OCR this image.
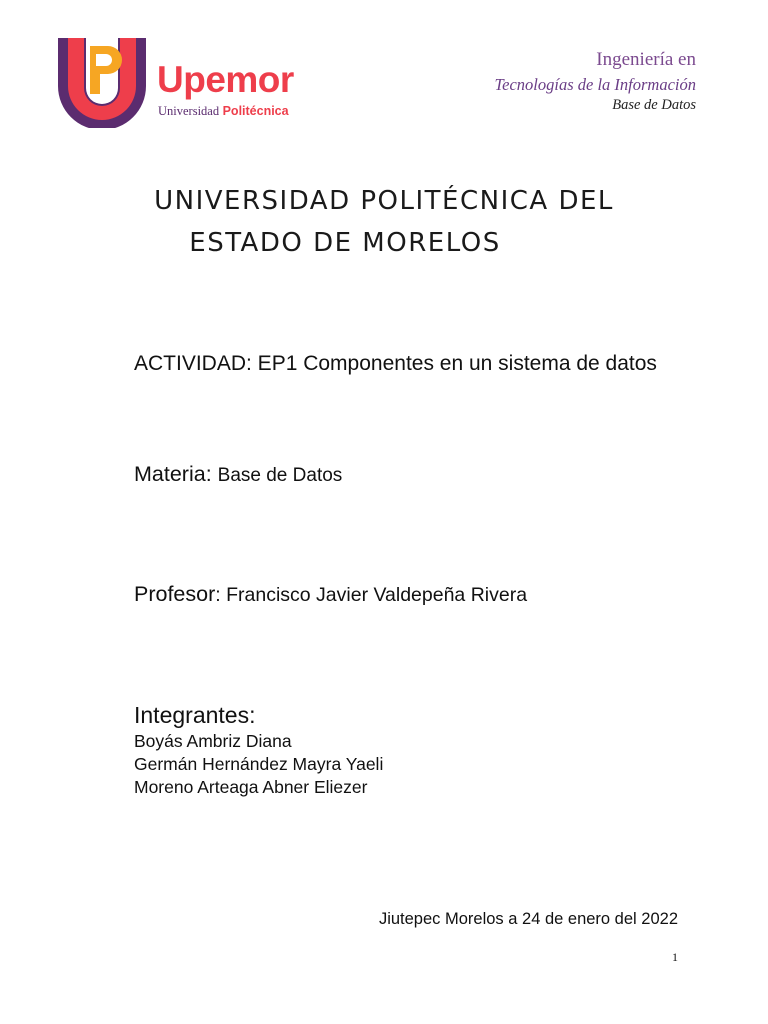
Upemor
Universidad Politécnica
Ingeniería en
Tecnologías de la Información
Base de Datos
UNIVERSIDAD POLITÉCNICA DEL
ESTADO DE MORELOS
ACTIVIDAD: EP1 Componentes en un sistema de datos
Materia: Base de Datos
Profesor: Francisco Javier Valdepeña Rivera
Integrantes:
Boyás Ambriz Diana
Germán Hernández Mayra Yaeli
Moreno Arteaga Abner Eliezer
Jiutepec Morelos a 24 de enero del 2022
1
